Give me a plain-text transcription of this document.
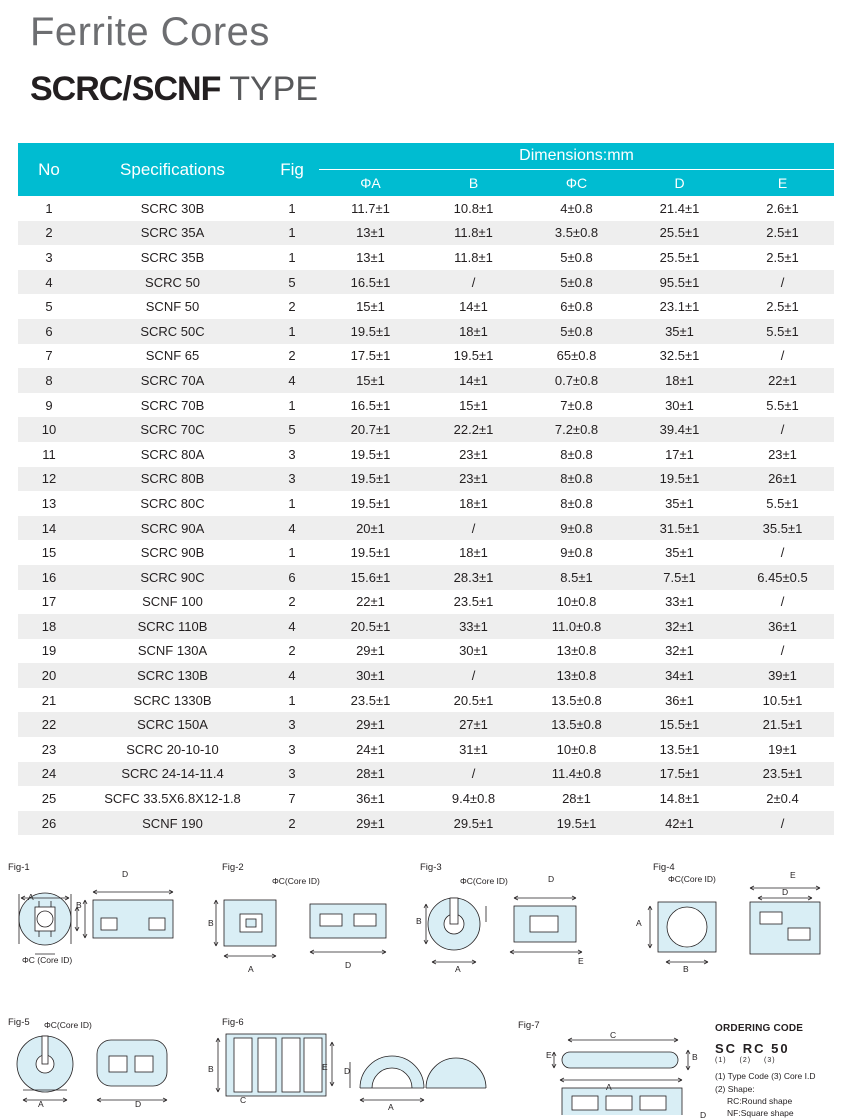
Ferrite Cores
SCRC/SCNF TYPE
No	Specifications	Fig	Dimensions:mm				
			ΦA	B	ΦC	D	E
1	SCRC 30B	1	11.7±1	10.8±1	4±0.8	21.4±1	2.6±1
2	SCRC 35A	1	13±1	11.8±1	3.5±0.8	25.5±1	2.5±1
3	SCRC 35B	1	13±1	11.8±1	5±0.8	25.5±1	2.5±1
4	SCRC 50	5	16.5±1	/	5±0.8	95.5±1	/
5	SCNF 50	2	15±1	14±1	6±0.8	23.1±1	2.5±1
6	SCRC 50C	1	19.5±1	18±1	5±0.8	35±1	5.5±1
7	SCNF 65	2	17.5±1	19.5±1	65±0.8	32.5±1	/
8	SCRC 70A	4	15±1	14±1	0.7±0.8	18±1	22±1
9	SCRC 70B	1	16.5±1	15±1	7±0.8	30±1	5.5±1
10	SCRC 70C	5	20.7±1	22.2±1	7.2±0.8	39.4±1	/
11	SCRC 80A	3	19.5±1	23±1	8±0.8	17±1	23±1
12	SCRC 80B	3	19.5±1	23±1	8±0.8	19.5±1	26±1
13	SCRC 80C	1	19.5±1	18±1	8±0.8	35±1	5.5±1
14	SCRC 90A	4	20±1	/	9±0.8	31.5±1	35.5±1
15	SCRC 90B	1	19.5±1	18±1	9±0.8	35±1	/
16	SCRC 90C	6	15.6±1	28.3±1	8.5±1	7.5±1	6.45±0.5
17	SCNF 100	2	22±1	23.5±1	10±0.8	33±1	/
18	SCRC 110B	4	20.5±1	33±1	11.0±0.8	32±1	36±1
19	SCNF 130A	2	29±1	30±1	13±0.8	32±1	/
20	SCRC 130B	4	30±1	/	13±0.8	34±1	39±1
21	SCRC 1330B	1	23.5±1	20.5±1	13.5±0.8	36±1	10.5±1
22	SCRC 150A	3	29±1	27±1	13.5±0.8	15.5±1	21.5±1
23	SCRC 20-10-10	3	24±1	31±1	10±0.8	13.5±1	19±1
24	SCRC 24-14-11.4	3	28±1	/	11.4±0.8	17.5±1	23.5±1
25	SCFC 33.5X6.8X12-1.8	7	36±1	9.4±0.8	28±1	14.8±1	2±0.4
26	SCNF 190	2	29±1	29.5±1	19.5±1	42±1	/
Fig-1
A
B
D
ΦC (Core ID)
Fig-2
ΦC(Core ID)
B
A	D
Fig-3
ΦC(Core ID)
B
A
D
E
Fig-4
ΦC(Core ID)
A
B
E
D
Fig-5 ΦC(Core ID)
A	D
Fig-6
B
C
E D
A
Fig-7
C
E	B
A
D
ORDERING CODE
SC RC 50
(1) (2) (3)
(1) Type Code (3) Core I.D
(2) Shape:
RC:Round shape
NF:Square shape
